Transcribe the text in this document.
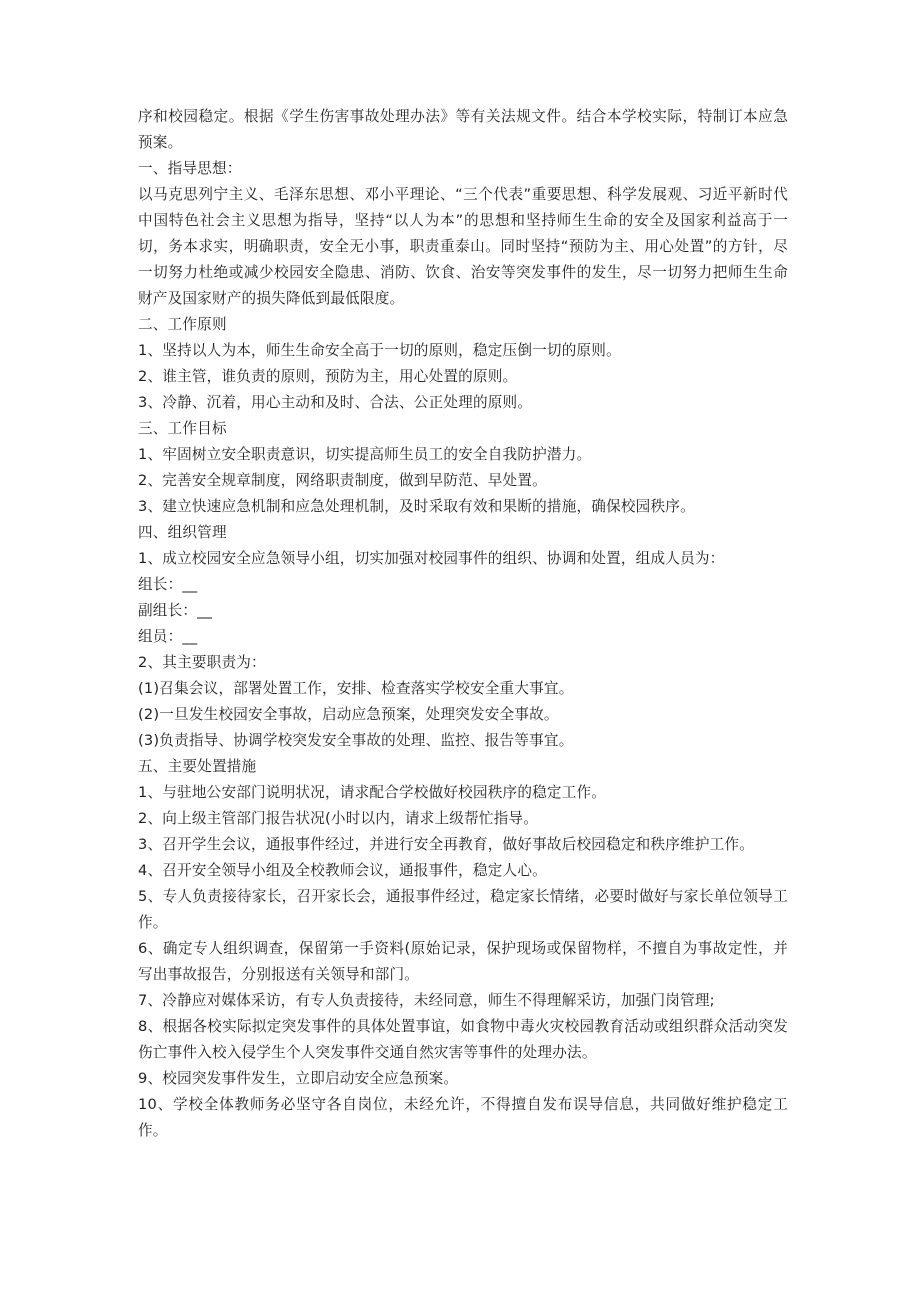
序和校园稳定。根据《学生伤害事故处理办法》等有关法规文件。结合本学校实际，特制订本应急预案。

一、指导思想：

以马克思列宁主义、毛泽东思想、邓小平理论、“三个代表”重要思想、科学发展观、习近平新时代中国特色社会主义思想为指导，坚持“以人为本”的思想和坚持师生生命的安全及国家利益高于一切，务本求实，明确职责，安全无小事，职责重泰山。同时坚持“预防为主、用心处置”的方针，尽一切努力杜绝或减少校园安全隐患、消防、饮食、治安等突发事件的发生，尽一切努力把师生生命财产及国家财产的损失降低到最低限度。

二、工作原则

1、坚持以人为本，师生生命安全高于一切的原则，稳定压倒一切的原则。

2、谁主管，谁负责的原则，预防为主，用心处置的原则。

3、冷静、沉着，用心主动和及时、合法、公正处理的原则。

三、工作目标

1、牢固树立安全职责意识，切实提高师生员工的安全自我防护潜力。

2、完善安全规章制度，网络职责制度，做到早防范、早处置。

3、建立快速应急机制和应急处理机制，及时采取有效和果断的措施，确保校园秩序。

四、组织管理

1、成立校园安全应急领导小组，切实加强对校园事件的组织、协调和处置，组成人员为：

组长：__

副组长：__

组员：__

2、其主要职责为：

(1)召集会议，部署处置工作，安排、检查落实学校安全重大事宜。

(2)一旦发生校园安全事故，启动应急预案，处理突发安全事故。

(3)负责指导、协调学校突发安全事故的处理、监控、报告等事宜。

五、主要处置措施

1、与驻地公安部门说明状况，请求配合学校做好校园秩序的稳定工作。

2、向上级主管部门报告状况(小时以内，请求上级帮忙指导。

3、召开学生会议，通报事件经过，并进行安全再教育，做好事故后校园稳定和秩序维护工作。

4、召开安全领导小组及全校教师会议，通报事件，稳定人心。

5、专人负责接待家长，召开家长会，通报事件经过，稳定家长情绪，必要时做好与家长单位领导工作。

6、确定专人组织调查，保留第一手资料(原始记录，保护现场或保留物样，不擅自为事故定性，并写出事故报告，分别报送有关领导和部门。

7、冷静应对媒体采访，有专人负责接待，未经同意，师生不得理解采访，加强门岗管理;

8、根据各校实际拟定突发事件的具体处置事谊，如食物中毒火灾校园教育活动或组织群众活动突发伤亡事件入校入侵学生个人突发事件交通自然灾害等事件的处理办法。

9、校园突发事件发生，立即启动安全应急预案。

10、学校全体教师务必坚守各自岗位，未经允许，不得擅自发布误导信息，共同做好维护稳定工作。
